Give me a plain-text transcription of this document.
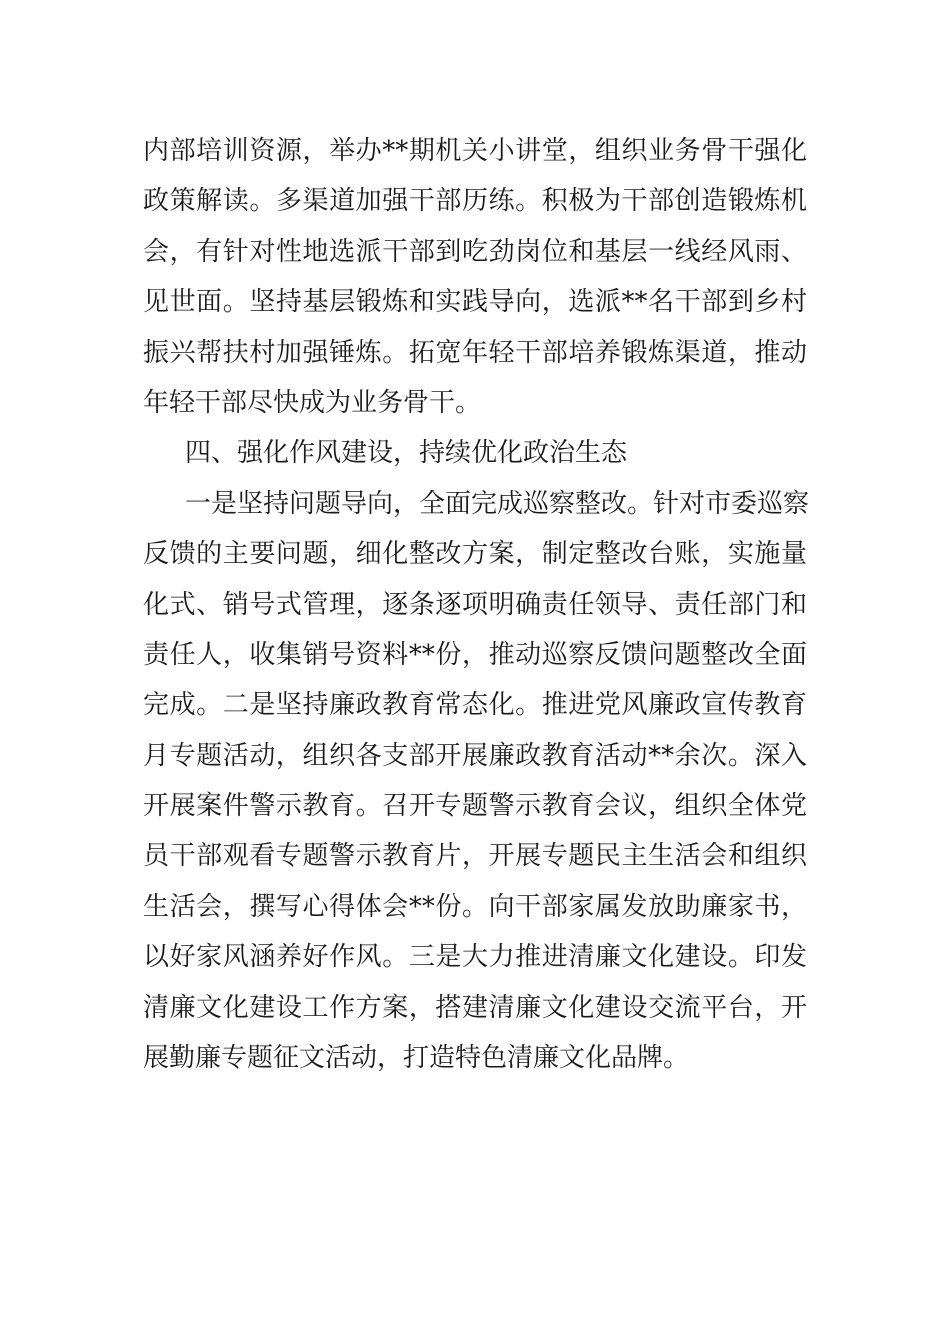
内部培训资源，举办**期机关小讲堂，组织业务骨干强化
政策解读。多渠道加强干部历练。积极为干部创造锻炼机
会，有针对性地选派干部到吃劲岗位和基层一线经风雨、
见世面。坚持基层锻炼和实践导向，选派**名干部到乡村
振兴帮扶村加强锤炼。拓宽年轻干部培养锻炼渠道，推动
年轻干部尽快成为业务骨干。
四、强化作风建设，持续优化政治生态
一是坚持问题导向，全面完成巡察整改。针对市委巡察
反馈的主要问题，细化整改方案，制定整改台账，实施量
化式、销号式管理，逐条逐项明确责任领导、责任部门和
责任人，收集销号资料**份，推动巡察反馈问题整改全面
完成。二是坚持廉政教育常态化。推进党风廉政宣传教育
月专题活动，组织各支部开展廉政教育活动**余次。深入
开展案件警示教育。召开专题警示教育会议，组织全体党
员干部观看专题警示教育片，开展专题民主生活会和组织
生活会，撰写心得体会**份。向干部家属发放助廉家书，
以好家风涵养好作风。三是大力推进清廉文化建设。印发
清廉文化建设工作方案，搭建清廉文化建设交流平台，开
展勤廉专题征文活动，打造特色清廉文化品牌。
